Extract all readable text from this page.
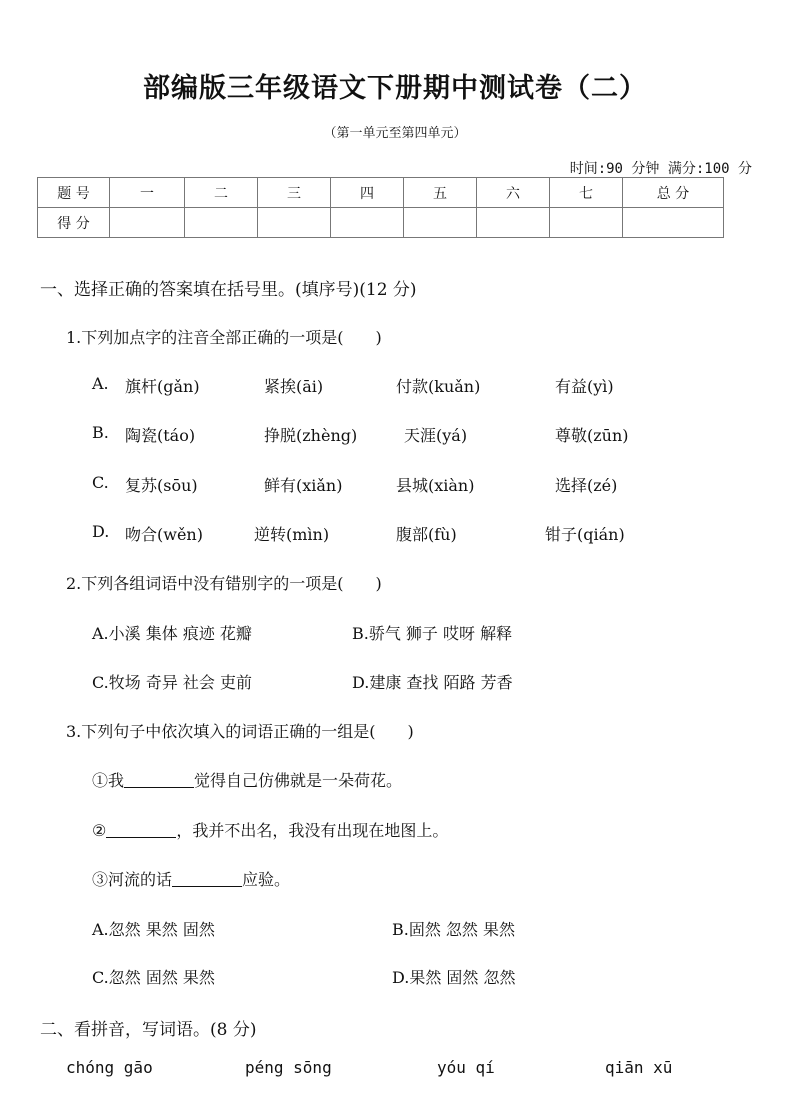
部编版三年级语文下册期中测试卷（二）
（第一单元至第四单元）
时间:90 分钟 满分:100 分
题 号	一	二	三	四	五	六	七	总 分
得 分								
一、选择正确的答案填在括号里。(填序号)(12 分)
1.下列加点字的注音全部正确的一项是(　　)
A. 旗杆(gǎn)	紧挨(āi)	付款(kuǎn)	有益(yì)
B. 陶瓷(táo)	挣脱(zhèng)	天涯(yá)	尊敬(zūn)
C. 复苏(sōu)	鲜有(xiǎn)	县城(xiàn)	选择(zé)
D. 吻合(wěn)	逆转(mìn)	腹部(fù)	钳子(qián)
2.下列各组词语中没有错别字的一项是(　　)
A.小溪 集体 痕迹 花瓣	B.骄气 狮子 哎呀 解释
C.牧场 奇异 社会 吏前	D.建康 查找 陌路 芳香
3.下列句子中依次填入的词语正确的一组是(　　)
①我	觉得自己仿佛就是一朵荷花。
②	，我并不出名，我没有出现在地图上。
③河流的话	应验。
A.忽然 果然 固然	B.固然 忽然 果然
C.忽然 固然 果然	D.果然 固然 忽然
二、看拼音，写词语。(8 分)
chóng gāo	péng sōng	yóu qí	qiān xū
